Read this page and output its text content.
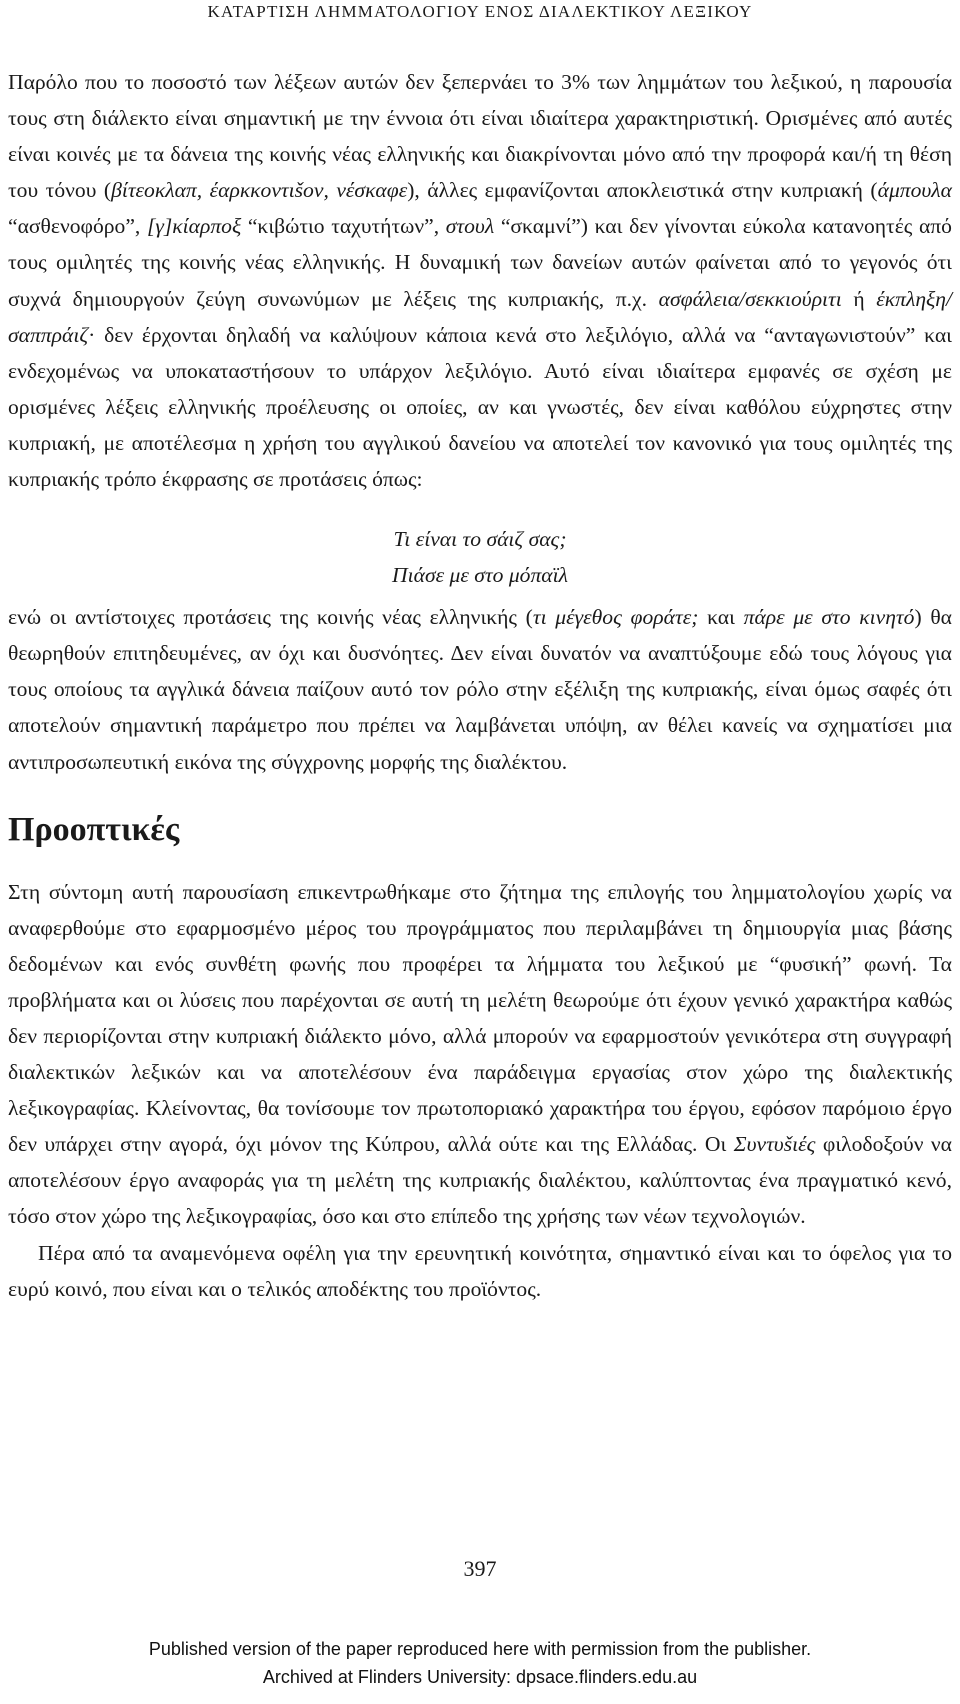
ΚΑΤΑΡΤΙΣΗ ΛΗΜΜΑΤΟΛΟΓΙΟΥ ΕΝΟΣ ΔΙΑΛΕΚΤΙΚΟΥ ΛΕΞΙΚΟΥ

Παρόλο που το ποσοστό των λέξεων αυτών δεν ξεπερνάει το 3% των λημμάτων του λεξικού, η παρουσία τους στη διάλεκτο είναι σημαντική με την έννοια ότι είναι ιδιαίτερα χαρακτηριστική. Ορισμένες από αυτές είναι κοινές με τα δάνεια της κοινής νέας ελληνικής και διακρίνονται μόνο από την προφορά και/ή τη θέση του τόνου (βίτεοκλαπ, έαρκκοντιšον, νέσκαφε), άλλες εμφανίζονται αποκλειστικά στην κυπριακή (άμπουλα “ασθενοφόρο”, [γ]κίαρποξ “κιβώτιο ταχυτήτων”, στουλ “σκαμνί”) και δεν γίνονται εύκολα κατανοητές από τους ομιλητές της κοινής νέας ελληνικής. Η δυναμική των δανείων αυτών φαίνεται από το γεγονός ότι συχνά δημιουργούν ζεύγη συνωνύμων με λέξεις της κυπριακής, π.χ. ασφάλεια/σεκκιούριτι ή έκπληξη/σαππράιζ· δεν έρχονται δηλαδή να καλύψουν κάποια κενά στο λεξιλόγιο, αλλά να “ανταγωνιστούν” και ενδεχομένως να υποκαταστήσουν το υπάρχον λεξιλόγιο. Αυτό είναι ιδιαίτερα εμφανές σε σχέση με ορισμένες λέξεις ελληνικής προέλευσης οι οποίες, αν και γνωστές, δεν είναι καθόλου εύχρηστες στην κυπριακή, με αποτέλεσμα η χρήση του αγγλικού δανείου να αποτελεί τον κανονικό για τους ομιλητές της κυπριακής τρόπο έκφρασης σε προτάσεις όπως:

Τι είναι το σάιζ σας;
Πιάσε με στο μόπαϊλ

ενώ οι αντίστοιχες προτάσεις της κοινής νέας ελληνικής (τι μέγεθος φοράτε; και πάρε με στο κινητό) θα θεωρηθούν επιτηδευμένες, αν όχι και δυσνόητες. Δεν είναι δυνατόν να αναπτύξουμε εδώ τους λόγους για τους οποίους τα αγγλικά δάνεια παίζουν αυτό τον ρόλο στην εξέλιξη της κυπριακής, είναι όμως σαφές ότι αποτελούν σημαντική παράμετρο που πρέπει να λαμβάνεται υπόψη, αν θέλει κανείς να σχηματίσει μια αντιπροσωπευτική εικόνα της σύγχρονης μορφής της διαλέκτου.

Προοπτικές

Στη σύντομη αυτή παρουσίαση επικεντρωθήκαμε στο ζήτημα της επιλογής του λημματολογίου χωρίς να αναφερθούμε στο εφαρμοσμένο μέρος του προγράμματος που περιλαμβάνει τη δημιουργία μιας βάσης δεδομένων και ενός συνθέτη φωνής που προφέρει τα λήμματα του λεξικού με “φυσική” φωνή. Τα προβλήματα και οι λύσεις που παρέχονται σε αυτή τη μελέτη θεωρούμε ότι έχουν γενικό χαρακτήρα καθώς δεν περιορίζονται στην κυπριακή διάλεκτο μόνο, αλλά μπορούν να εφαρμοστούν γενικότερα στη συγγραφή διαλεκτικών λεξικών και να αποτελέσουν ένα παράδειγμα εργασίας στον χώρο της διαλεκτικής λεξικογραφίας. Κλείνοντας, θα τονίσουμε τον πρωτοποριακό χαρακτήρα του έργου, εφόσον παρόμοιο έργο δεν υπάρχει στην αγορά, όχι μόνον της Κύπρου, αλλά ούτε και της Ελλάδας. Οι Συντυšιές φιλοδοξούν να αποτελέσουν έργο αναφοράς για τη μελέτη της κυπριακής διαλέκτου, καλύπτοντας ένα πραγματικό κενό, τόσο στον χώρο της λεξικογραφίας, όσο και στο επίπεδο της χρήσης των νέων τεχνολογιών.

Πέρα από τα αναμενόμενα οφέλη για την ερευνητική κοινότητα, σημαντικό είναι και το όφελος για το ευρύ κοινό, που είναι και ο τελικός αποδέκτης του προϊόντος.

397
Published version of the paper reproduced here with permission from the publisher.
Archived at Flinders University: dpsace.flinders.edu.au
